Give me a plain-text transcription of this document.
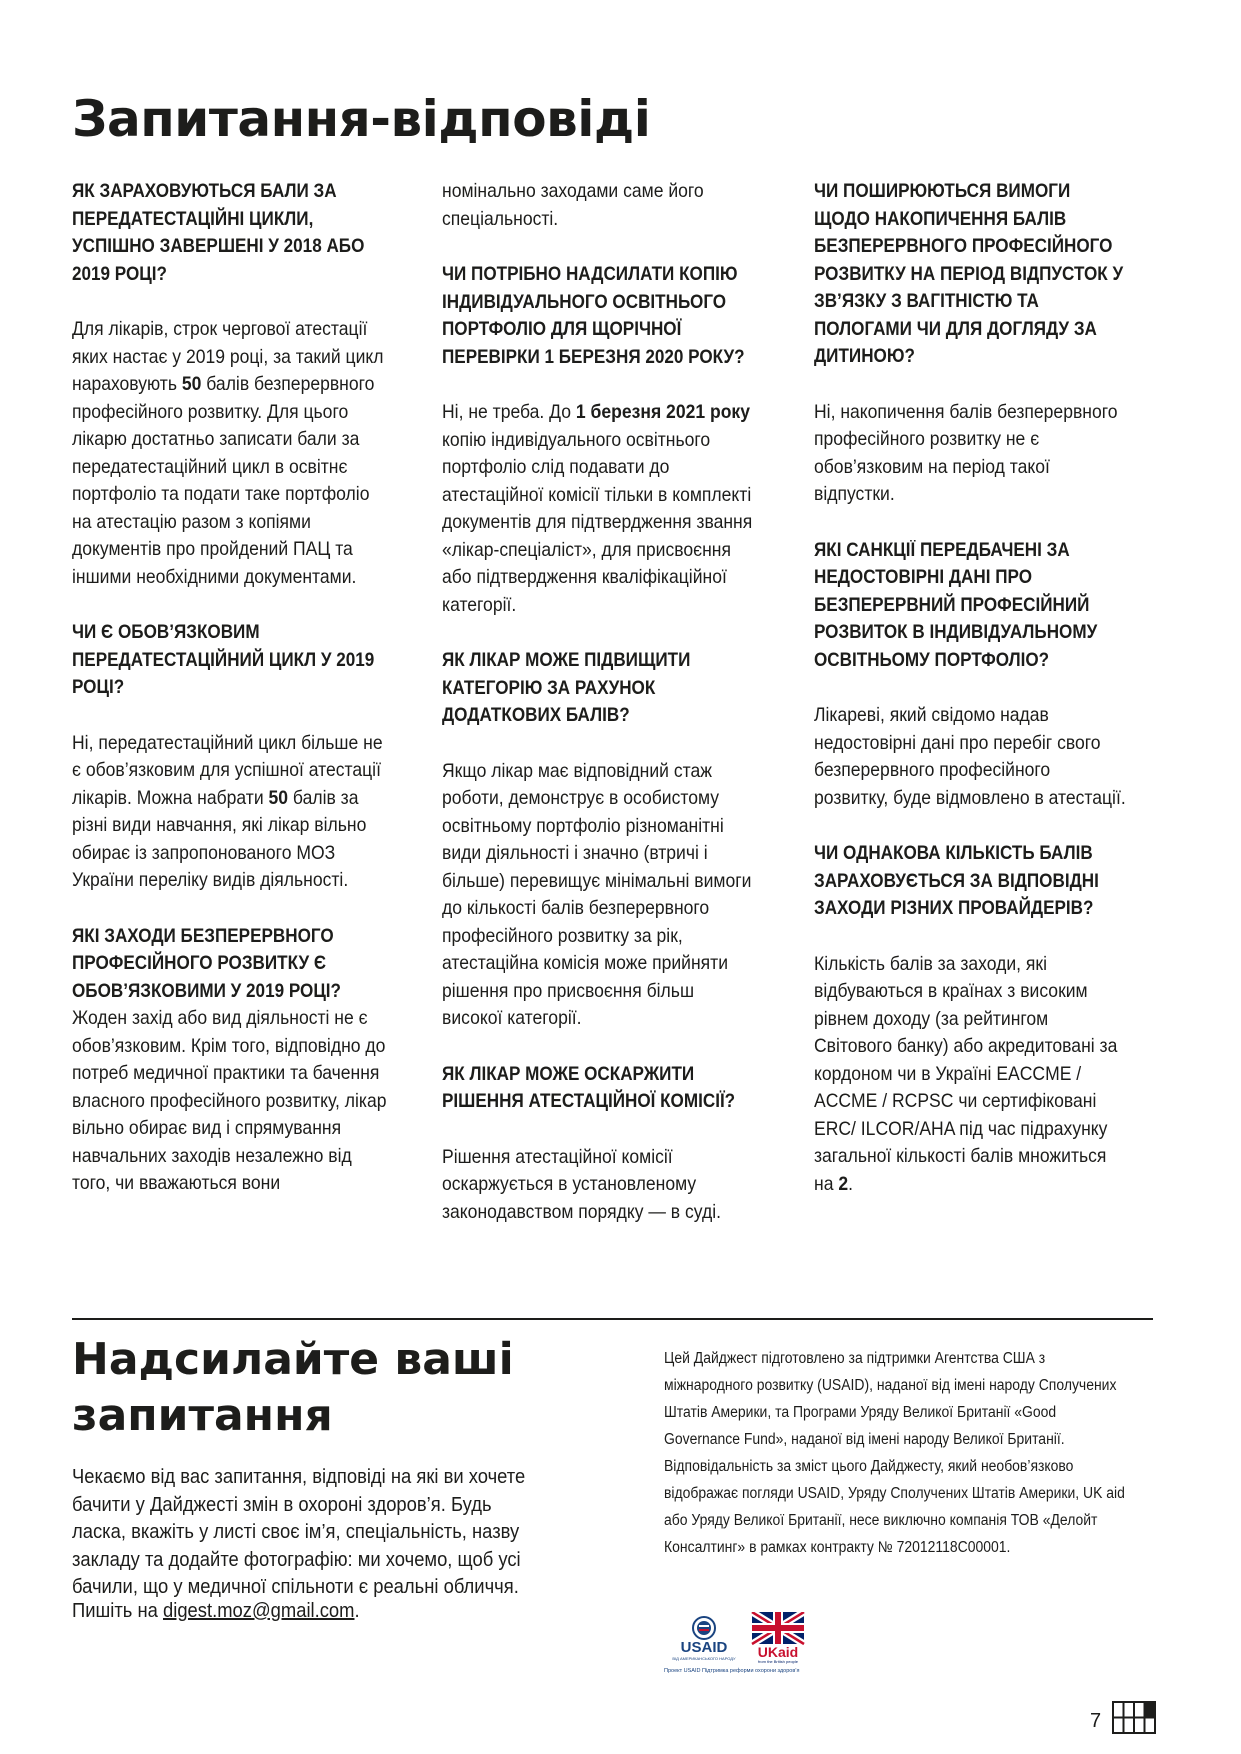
Запитання-відповіді

ЯК ЗАРАХОВУЮТЬСЯ БАЛИ ЗА ПЕРЕДАТЕСТАЦІЙНІ ЦИКЛИ, УСПІШНО ЗАВЕРШЕНІ У 2018 АБО 2019 РОЦІ?

Для лікарів, строк чергової атестації яких настає у 2019 році, за такий цикл нараховують 50 балів безперервного професійного розвитку. Для цього лікарю достатньо записати бали за передатестаційний цикл в освітнє портфоліо та подати таке портфоліо на атестацію разом з копіями документів про пройдений ПАЦ та іншими необхідними документами.

ЧИ Є ОБОВ’ЯЗКОВИМ ПЕРЕДАТЕСТАЦІЙНИЙ ЦИКЛ У 2019 РОЦІ?

Ні, передатестаційний цикл більше не є обов’язковим для успішної атестації лікарів. Можна набрати 50 балів за різні види навчання, які лікар вільно обирає із запропонованого МОЗ України переліку видів діяльності.

ЯКІ ЗАХОДИ БЕЗПЕРЕРВНОГО ПРОФЕСІЙНОГО РОЗВИТКУ Є ОБОВ’ЯЗКОВИМИ У 2019 РОЦІ?

Жоден захід або вид діяльності не є обов’язковим. Крім того, відповідно до потреб медичної практики та бачення власного професійного розвитку, лікар вільно обирає вид і спрямування навчальних заходів незалежно від того, чи вважаються вони

номінально заходами саме його спеціальності.

ЧИ ПОТРІБНО НАДСИЛАТИ КОПІЮ ІНДИВІДУАЛЬНОГО ОСВІТНЬОГО ПОРТФОЛІО ДЛЯ ЩОРІЧНОЇ ПЕРЕВІРКИ 1 БЕРЕЗНЯ 2020 РОКУ?

Ні, не треба. До 1 березня 2021 року копію індивідуального освітнього портфоліо слід подавати до атестаційної комісії тільки в комплекті документів для підтвердження звання «лікар-спеціаліст», для присвоєння або підтвердження кваліфікаційної категорії.

ЯК ЛІКАР МОЖЕ ПІДВИЩИТИ КАТЕГОРІЮ ЗА РАХУНОК ДОДАТКОВИХ БАЛІВ?

Якщо лікар має відповідний стаж роботи, демонструє в особистому освітньому портфоліо різноманітні види діяльності і значно (втричі і більше) перевищує мінімальні вимоги до кількості балів безперервного професійного розвитку за рік, атестаційна комісія може прийняти рішення про присвоєння більш високої категорії.

ЯК ЛІКАР МОЖЕ ОСКАРЖИТИ РІШЕННЯ АТЕСТАЦІЙНОЇ КОМІСІЇ?

Рішення атестаційної комісії оскаржується в установленому законодавством порядку — в суді.

ЧИ ПОШИРЮЮТЬСЯ ВИМОГИ ЩОДО НАКОПИЧЕННЯ БАЛІВ БЕЗПЕРЕРВНОГО ПРОФЕСІЙНОГО РОЗВИТКУ НА ПЕРІОД ВІДПУСТОК У ЗВ’ЯЗКУ З ВАГІТНІСТЮ ТА ПОЛОГАМИ ЧИ ДЛЯ ДОГЛЯДУ ЗА ДИТИНОЮ?

Ні, накопичення балів безперервного професійного розвитку не є обов’язковим на період такої відпустки.

ЯКІ САНКЦІЇ ПЕРЕДБАЧЕНІ ЗА НЕДОСТОВІРНІ ДАНІ ПРО БЕЗПЕРЕРВНИЙ ПРОФЕСІЙНИЙ РОЗВИТОК В ІНДИВІДУАЛЬНОМУ ОСВІТНЬОМУ ПОРТФОЛІО?

Лікареві, який свідомо надав недостовірні дані про перебіг свого безперервного професійного розвитку, буде відмовлено в атестації.

ЧИ ОДНАКОВА КІЛЬКІСТЬ БАЛІВ ЗАРАХОВУЄТЬСЯ ЗА ВІДПОВІДНІ ЗАХОДИ РІЗНИХ ПРОВАЙДЕРІВ?

Кількість балів за заходи, які відбуваються в країнах з високим рівнем доходу (за рейтингом Світового банку) або акредитовані за кордоном чи в Україні EACCME / ACCME / RCPSC чи сертифіковані ERC/ ILCOR/AHA під час підрахунку загальної кількості балів множиться на 2.

Надсилайте ваші запитання
Чекаємо від вас запитання, відповіді на які ви хочете бачити у Дайджесті змін в охороні здоров’я. Будь ласка, вкажіть у листі своє ім’я, спеціальність, назву закладу та додайте фотографію: ми хочемо, щоб усі бачили, що у медичної спільноти є реальні обличчя.
Пишіть на digest.moz@gmail.com.
Цей Дайджест підготовлено за підтримки Агентства США з міжнародного розвитку (USAID), наданої від імені народу Сполучених Штатів Америки, та Програми Уряду Великої Британії «Good Governance Fund», наданої від імені народу Великої Британії. Відповідальність за зміст цього Дайджесту, який необов’язково відображає погляди USAID, Уряду Сполучених Штатів Америки, UK aid або Уряду Великої Британії, несе виключно компанія ТОВ «Делойт Консалтинг» в рамках контракту № 72012118C00001.
USAID
ВІД АМЕРИКАНСЬКОГО НАРОДУ UKaid
from the British people
Проект USAID Підтримка реформи охорони здоров’я
7
